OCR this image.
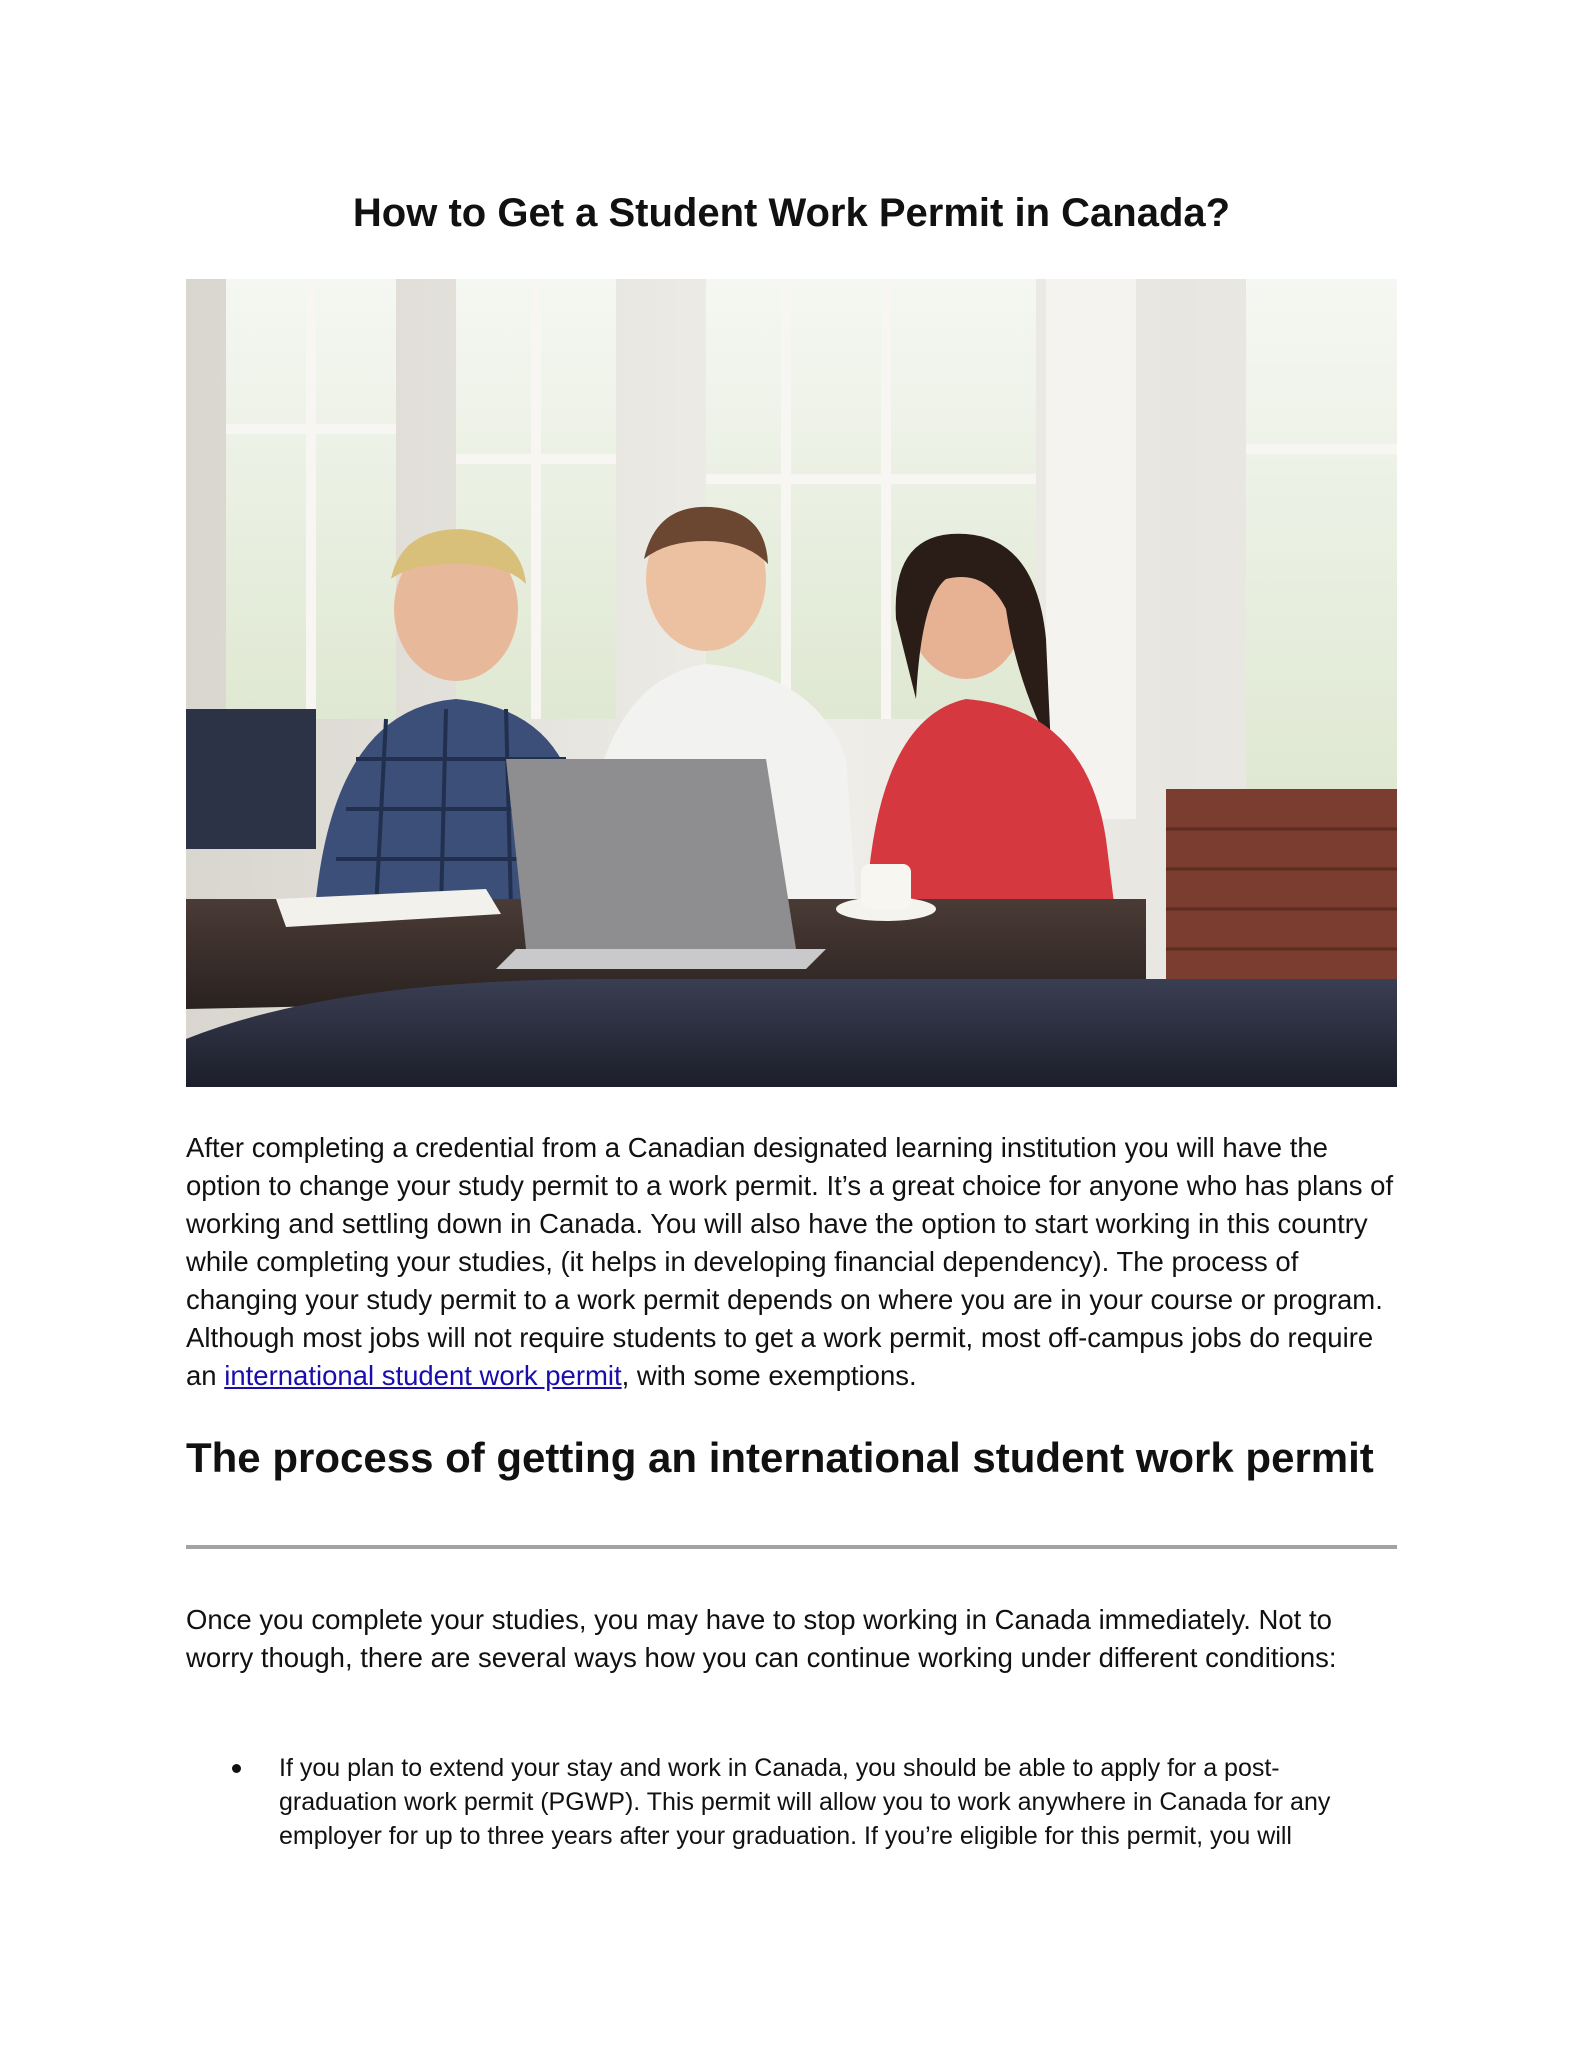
How to Get a Student Work Permit in Canada?

After completing a credential from a Canadian designated learning institution you will have the option to change your study permit to a work permit. It’s a great choice for anyone who has plans of working and settling down in Canada. You will also have the option to start working in this country while completing your studies, (it helps in developing financial dependency). The process of changing your study permit to a work permit depends on where you are in your course or program. Although most jobs will not require students to get a work permit, most off-campus jobs do require an international student work permit, with some exemptions.

The process of getting an international student work permit

Once you complete your studies, you may have to stop working in Canada immediately. Not to worry though, there are several ways how you can continue working under different conditions:

If you plan to extend your stay and work in Canada, you should be able to apply for a post-graduation work permit (PGWP). This permit will allow you to work anywhere in Canada for any employer for up to three years after your graduation. If you’re eligible for this permit, you will
